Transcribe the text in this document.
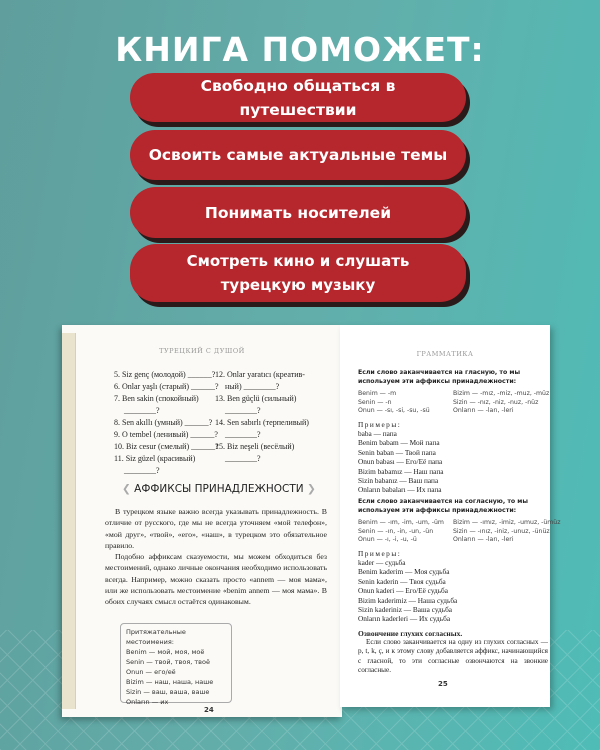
КНИГА ПОМОЖЕТ:
Свободно общаться в путешествии
Освоить самые актуальные темы
Понимать носителей
Смотреть кино и слушать турецкую музыку
ТУРЕЦКИЙ С ДУШОЙ
5. Siz genç (молодой) ______?
6. Onlar yaşlı (старый) ______?
7. Ben sakin (спокойный)
________?
8. Sen akıllı (умный) ______?
9. O tembel (ленивый) ______?
10. Biz cesur (смелый) ______?
11. Siz güzel (красивый)
________?
12. Onlar yaratıcı (креатив-
ный) ________?
13. Ben güçlü (сильный)
________?
14. Sen sabırlı (терпеливый)
________?
15. Biz neşeli (весёлый)
________?
❮ АФФИКСЫ ПРИНАДЛЕЖНОСТИ ❯
В турецком языке важно всегда указывать принадлежность. В отличие от русского, где мы не всегда уточняем «мой телефон», «мой друг», «твой», «его», «наш», в турецком это обязательное правило.
Подобно аффиксам сказуемости, мы можем обходиться без местоимений, однако личные окончания необходимо использовать всегда. Например, можно сказать просто «annem — моя мама», или же использовать местоимение «benim annem — моя мама». В обоих случаях смысл остаётся одинаковым.
Притяжательные местоимения:
Benim — мой, моя, моё
Senin — твой, твоя, твоё
Onun — его/её
Bizim — наш, наша, наше
Sizin — ваш, ваша, ваше
Onların — их
24
ГРАММАТИКА
Если слово заканчивается на гласную, то мы используем эти аффиксы принадлежности:

Benim — -m

Senin — -n

Onun — -sı, -si, -su, -sü

Bizim — -mız, -miz, -muz, -müz

Sizin — -nız, -niz, -nuz, -nüz

Onların — -ları, -leri

Примеры:

baba — папа

Benim babam — Мой папа

Senin baban — Твой папа

Onun babası — Его/Её папа

Bizim babamız — Наш папа

Sizin babanız — Ваш папа

Onların babaları — Их папа

Если слово заканчивается на согласную, то мы используем эти аффиксы принадлежности:

Benim — -ım, -im, -um, -üm

Senin — -ın, -in, -un, -ün

Onun — -ı, -i, -u, -ü

Bizim — -ımız, -imiz, -umuz, -ümüz

Sizin — -ınız, -iniz, -unuz, -ünüz

Onların — -ları, -leri

Примеры:

kader — судьба

Benim kaderim — Моя судьба

Senin kaderin — Твоя судьба

Onun kaderi — Его/Её судьба

Bizim kaderimiz — Наша судьба

Sizin kaderiniz — Ваша судьба

Onların kaderleri — Их судьба

Озвончение глухих согласных.
Если слово заканчивается на одну из глухих согласных — p, t, k, ç, и к этому слову добавляется аффикс, начинающийся с гласной, то эти согласные озвончаются на звонкие согласные.
25
